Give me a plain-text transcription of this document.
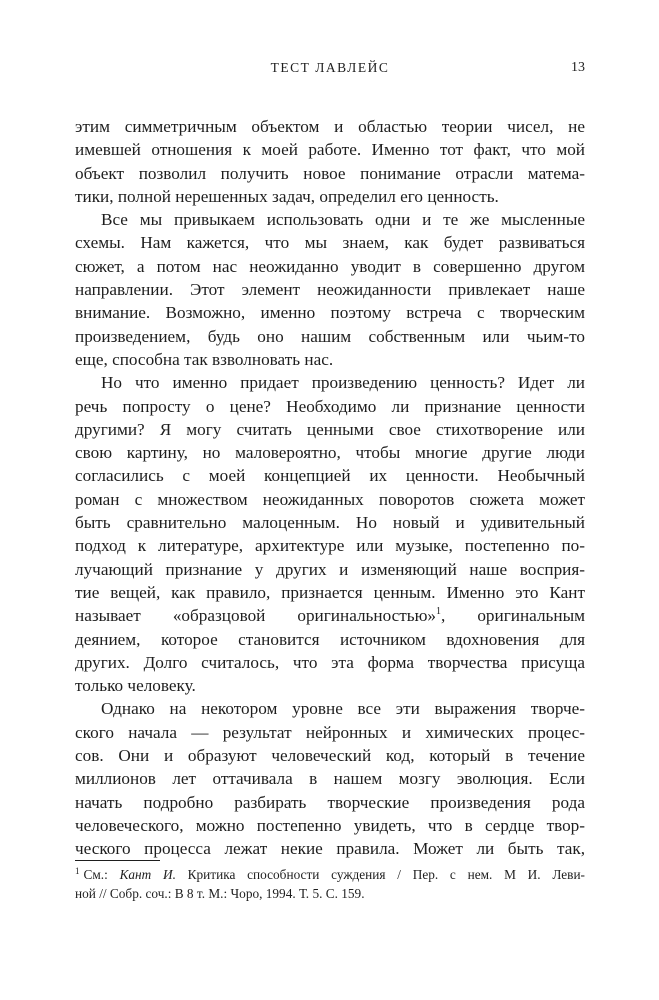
ТЕСТ ЛАВЛЕЙС	13
этим симметричным объектом и областью теории чисел, не
имевшей отношения к моей работе. Именно тот факт, что мой
объект позволил получить новое понимание отрасли матема-
тики, полной нерешенных задач, определил его ценность.
Все мы привыкаем использовать одни и те же мысленные
схемы. Нам кажется, что мы знаем, как будет развиваться
сюжет, а потом нас неожиданно уводит в совершенно другом
направлении. Этот элемент неожиданности привлекает наше
внимание. Возможно, именно поэтому встреча с творческим
произведением, будь оно нашим собственным или чьим-то
еще, способна так взволновать нас.
Но что именно придает произведению ценность? Идет ли
речь попросту о цене? Необходимо ли признание ценности
другими? Я могу считать ценными свое стихотворение или
свою картину, но маловероятно, чтобы многие другие люди
согласились с моей концепцией их ценности. Необычный
роман с множеством неожиданных поворотов сюжета может
быть сравнительно малоценным. Но новый и удивительный
подход к литературе, архитектуре или музыке, постепенно по-
лучающий признание у других и изменяющий наше восприя-
тие вещей, как правило, признается ценным. Именно это Кант
называет «образцовой оригинальностью»$^1$, оригинальным
деянием, которое становится источником вдохновения для
других. Долго считалось, что эта форма творчества присуща
только человеку.
Однако на некотором уровне все эти выражения творче-
ского начала — результат нейронных и химических процес-
сов. Они и образуют человеческий код, который в течение
миллионов лет оттачивала в нашем мозгу эволюция. Если
начать подробно разбирать творческие произведения рода
человеческого, можно постепенно увидеть, что в сердце твор-
ческого процесса лежат некие правила. Может ли быть так,
$^1$ См.: Кант И. Критика способности суждения / Пер. с нем. М И. Леви-
ной // Собр. соч.: В 8 т. М.: Чоро, 1994. Т. 5. С. 159.
